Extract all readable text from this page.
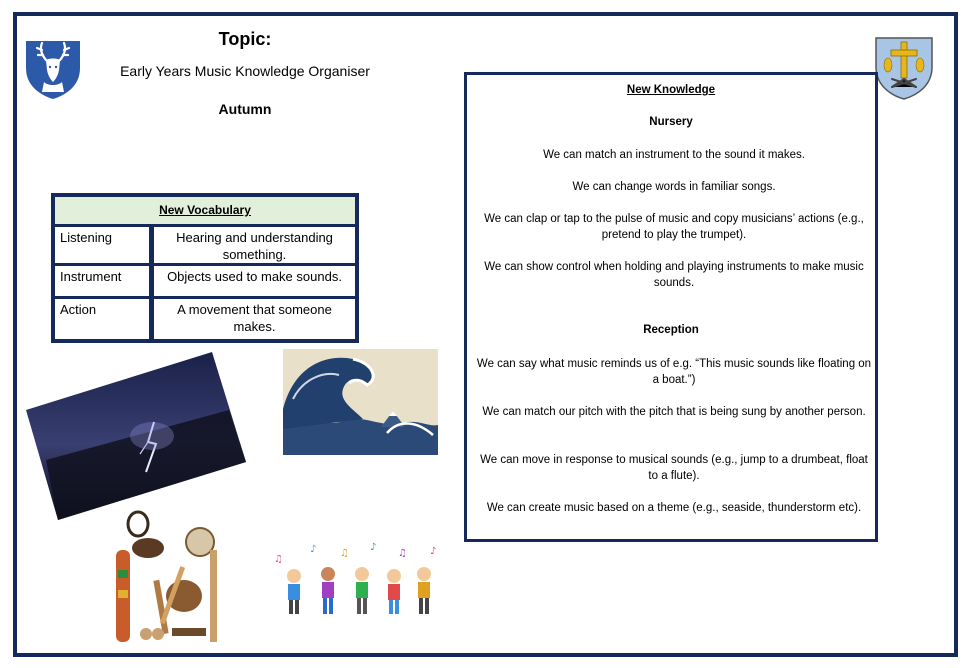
Topic:
Early Years Music Knowledge Organiser
Autumn
New Vocabulary
Listening	Hearing and understanding something.
Instrument	Objects used to make sounds.
Action	A movement that someone makes.
New Knowledge
Nursery
We can match an instrument to the sound it makes.
We can change words in familiar songs.
We can clap or tap to the pulse of music and copy musicians’ actions (e.g., pretend to play the trumpet).
We can show control when holding and playing instruments to make music sounds.
Reception
We can say what music reminds us of e.g. “This music sounds like floating on a boat.”)
We can match our pitch with the pitch that is being sung by another person.
We can move in response to musical sounds (e.g., jump to a drumbeat, float to a flute).
We can create music based on a theme (e.g., seaside, thunderstorm etc).
♫
♪ ♫
♪
♫ ♪
